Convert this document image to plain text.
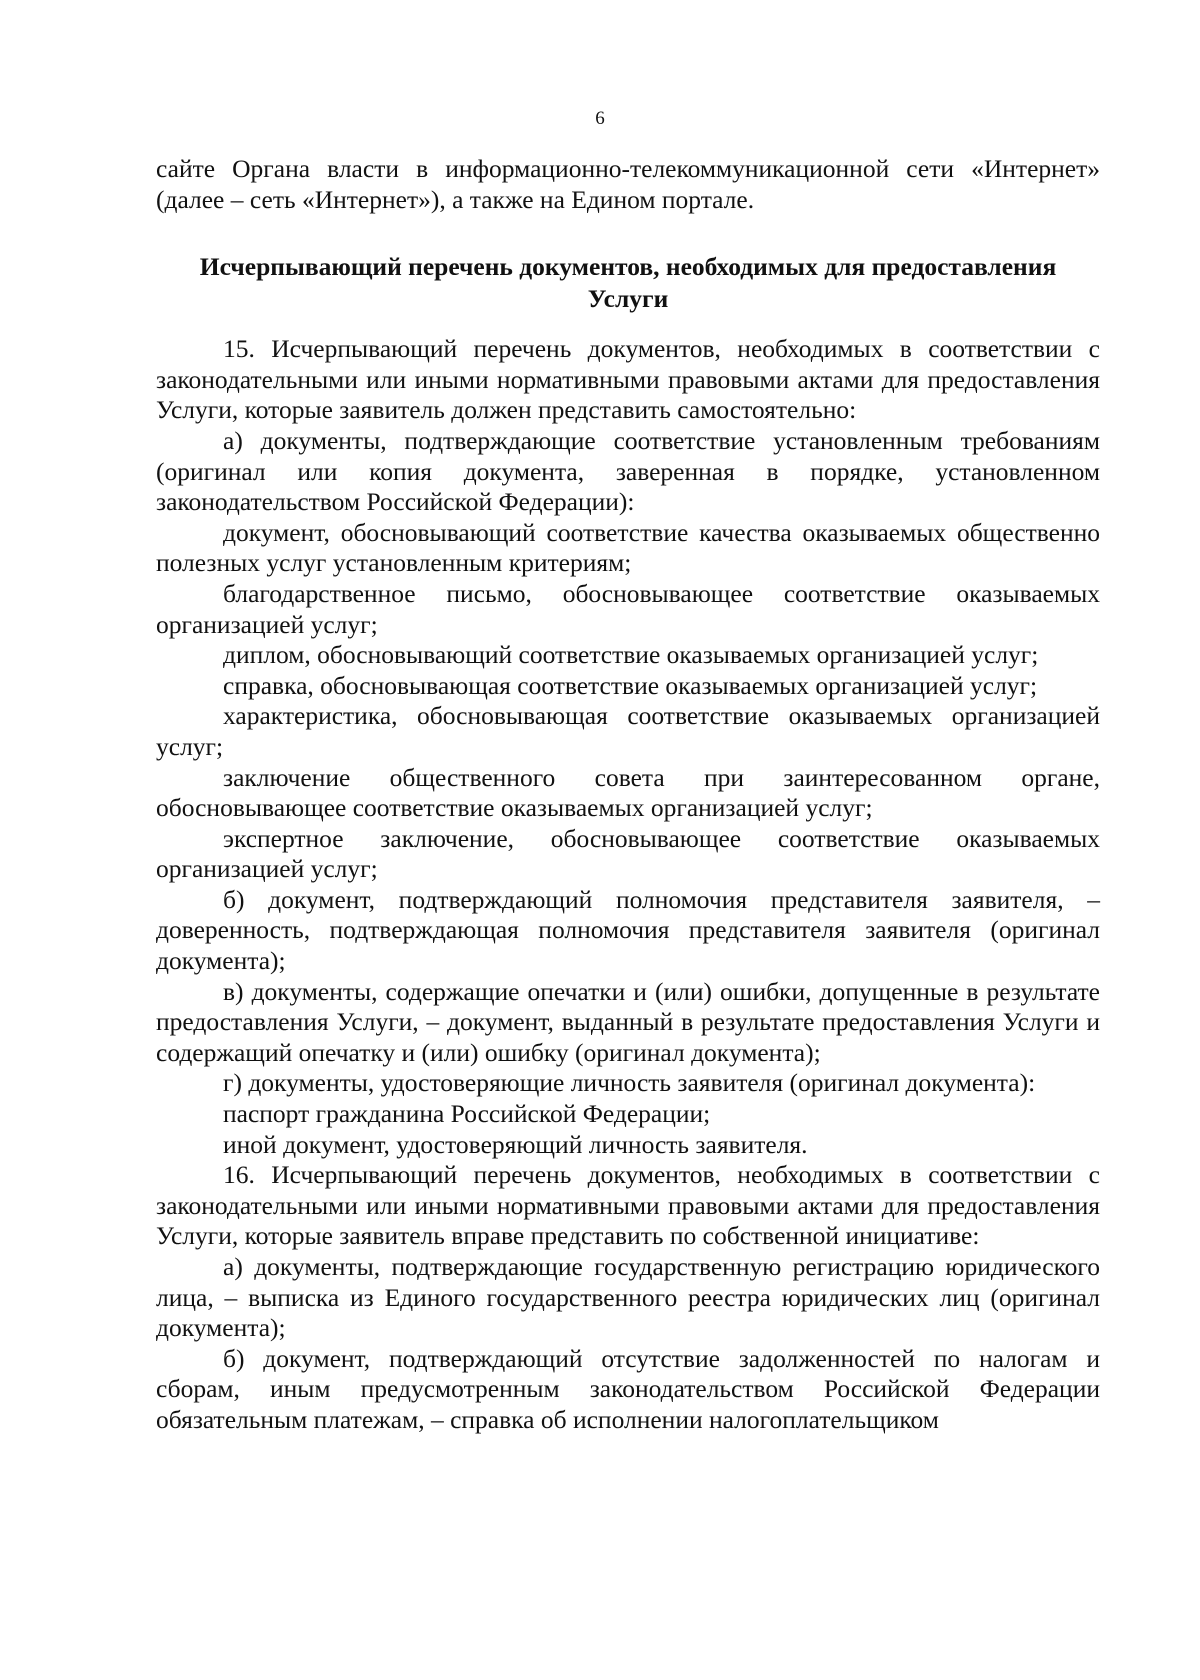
6

сайте Органа власти в информационно-телекоммуникационной сети «Интернет» (далее – сеть «Интернет»), а также на Едином портале.

Исчерпывающий перечень документов, необходимых для предоставления
Услуги

15. Исчерпывающий перечень документов, необходимых в соответствии с законодательными или иными нормативными правовыми актами для предоставления Услуги, которые заявитель должен представить самостоятельно:

а) документы, подтверждающие соответствие установленным требованиям (оригинал или копия документа, заверенная в порядке, установленном законодательством Российской Федерации):

документ, обосновывающий соответствие качества оказываемых общественно полезных услуг установленным критериям;

благодарственное письмо, обосновывающее соответствие оказываемых организацией услуг;

диплом, обосновывающий соответствие оказываемых организацией услуг;

справка, обосновывающая соответствие оказываемых организацией услуг;

характеристика, обосновывающая соответствие оказываемых организацией услуг;

заключение общественного совета при заинтересованном органе, обосновывающее соответствие оказываемых организацией услуг;

экспертное заключение, обосновывающее соответствие оказываемых организацией услуг;

б) документ, подтверждающий полномочия представителя заявителя, – доверенность, подтверждающая полномочия представителя заявителя (оригинал документа);

в) документы, содержащие опечатки и (или) ошибки, допущенные в результате предоставления Услуги, – документ, выданный в результате предоставления Услуги и содержащий опечатку и (или) ошибку (оригинал документа);

г) документы, удостоверяющие личность заявителя (оригинал документа):

паспорт гражданина Российской Федерации;

иной документ, удостоверяющий личность заявителя.

16. Исчерпывающий перечень документов, необходимых в соответствии с законодательными или иными нормативными правовыми актами для предоставления Услуги, которые заявитель вправе представить по собственной инициативе:

а) документы, подтверждающие государственную регистрацию юридического лица, – выписка из Единого государственного реестра юридических лиц (оригинал документа);

б) документ, подтверждающий отсутствие задолженностей по налогам и сборам, иным предусмотренным законодательством Российской Федерации обязательным платежам, – справка об исполнении налогоплательщиком
